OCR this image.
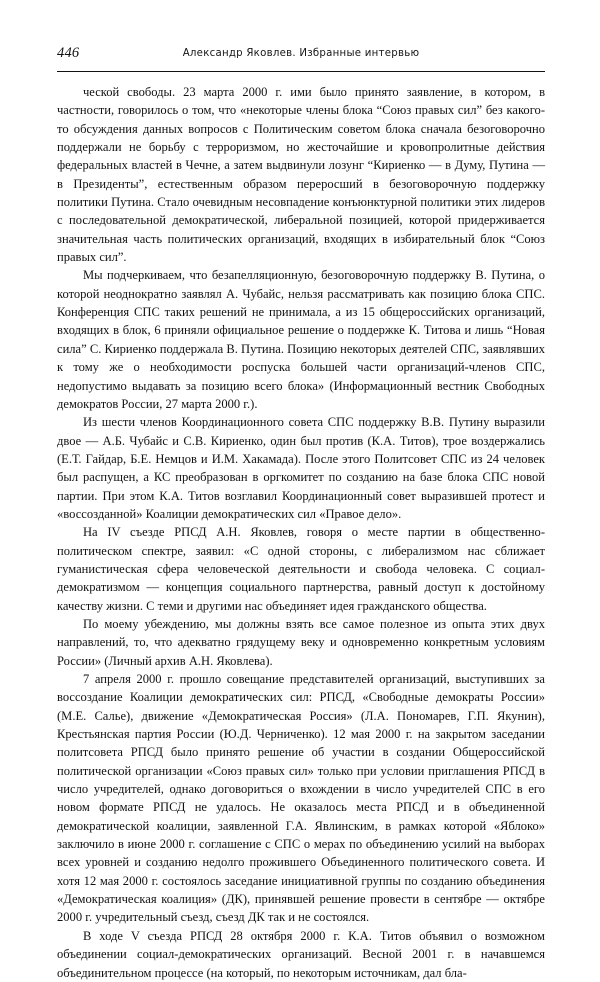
446	Александр Яковлев. Избранные интервью

ческой свободы. 23 марта 2000 г. ими было принято заявление, в котором, в частности, говорилось о том, что «некоторые члены блока “Союз правых сил” без какого-то обсуждения данных вопросов с Политическим советом блока сначала безоговорочно поддержали не борьбу с терроризмом, но жесточайшие и кровопролитные действия федеральных властей в Чечне, а затем выдвинули лозунг “Кириенко — в Думу, Путина — в Президенты”, естественным образом переросший в безоговорочную поддержку политики Путина. Стало очевидным несовпадение конъюнктурной политики этих лидеров с последовательной демократической, либеральной позицией, которой придерживается значительная часть политических организаций, входящих в избирательный блок “Союз правых сил”.

Мы подчеркиваем, что безапелляционную, безоговорочную поддержку В. Путина, о которой неоднократно заявлял А. Чубайс, нельзя рассматривать как позицию блока СПС. Конференция СПС таких решений не принимала, а из 15 общероссийских организаций, входящих в блок, 6 приняли официальное решение о поддержке К. Титова и лишь “Новая сила” С. Кириенко поддержала В. Путина. Позицию некоторых деятелей СПС, заявлявших к тому же о необходимости роспуска большей части организаций-членов СПС, недопустимо выдавать за позицию всего блока» (Информационный вестник Свободных демократов России, 27 марта 2000 г.).

Из шести членов Координационного совета СПС поддержку В.В. Путину выразили двое — А.Б. Чубайс и С.В. Кириенко, один был против (К.А. Титов), трое воздержались (Е.Т. Гайдар, Б.Е. Немцов и И.М. Хакамада). После этого Политсовет СПС из 24 человек был распущен, а КС преобразован в оргкомитет по созданию на базе блока СПС новой партии. При этом К.А. Титов возглавил Координационный совет выразившей протест и «воссозданной» Коалиции демократических сил «Правое дело».

На IV съезде РПСД А.Н. Яковлев, говоря о месте партии в общественно-политическом спектре, заявил: «С одной стороны, с либерализмом нас сближает гуманистическая сфера человеческой деятельности и свобода человека. С социал-демократизмом — концепция социального партнерства, равный доступ к достойному качеству жизни. С теми и другими нас объединяет идея гражданского общества.

По моему убеждению, мы должны взять все самое полезное из опыта этих двух направлений, то, что адекватно грядущему веку и одновременно конкретным условиям России» (Личный архив А.Н. Яковлева).

7 апреля 2000 г. прошло совещание представителей организаций, выступивших за воссоздание Коалиции демократических сил: РПСД, «Свободные демократы России» (М.Е. Салье), движение «Демократическая Россия» (Л.А. Пономарев, Г.П. Якунин), Крестьянская партия России (Ю.Д. Черниченко). 12 мая 2000 г. на закрытом заседании политсовета РПСД было принято решение об участии в создании Общероссийской политической организации «Союз правых сил» только при условии приглашения РПСД в число учредителей, однако договориться о вхождении в число учредителей СПС в его новом формате РПСД не удалось. Не оказалось места РПСД и в объединенной демократической коалиции, заявленной Г.А. Явлинским, в рамках которой «Яблоко» заключило в июне 2000 г. соглашение с СПС о мерах по объединению усилий на выборах всех уровней и созданию недолго прожившего Объединенного политического совета. И хотя 12 мая 2000 г. состоялось заседание инициативной группы по созданию объединения «Демократическая коалиция» (ДК), принявшей решение провести в сентябре — октябре 2000 г. учредительный съезд, съезд ДК так и не состоялся.

В ходе V съезда РПСД 28 октября 2000 г. К.А. Титов объявил о возможном объединении социал-демократических организаций. Весной 2001 г. в начавшемся объединительном процессе (на который, по некоторым источникам, дал бла-
